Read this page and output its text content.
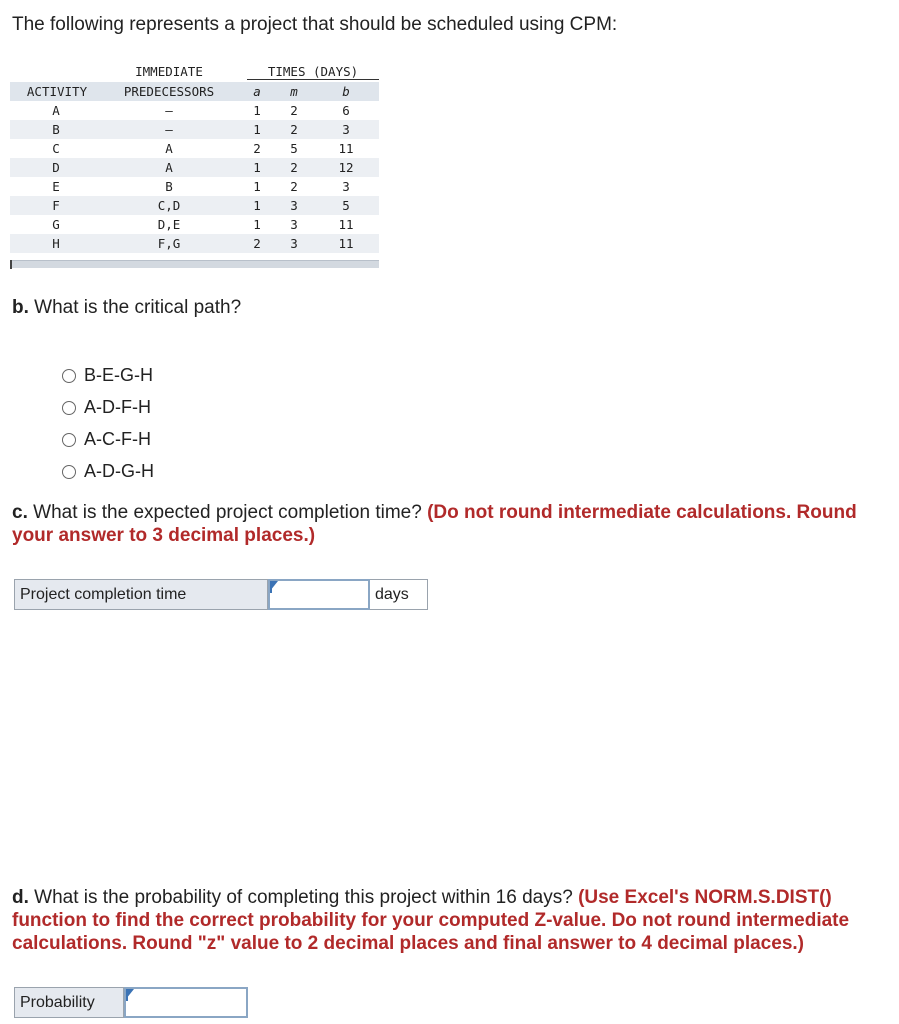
The following represents a project that should be scheduled using CPM:
IMMEDIATE	TIMES (DAYS)
ACTIVITY	PREDECESSORS	a	m	b
A	—	1	2	6
B	—	1	2	3
C	A	2	5	11
D	A	1	2	12
E	B	1	2	3
F	C,D	1	3	5
G	D,E	1	3	11
H	F,G	2	3	11
b. What is the critical path?
B-E-G-H
A-D-F-H
A-C-F-H
A-D-G-H
c. What is the expected project completion time? (Do not round intermediate calculations. Round your answer to 3 decimal places.)
Project completion time	days
d. What is the probability of completing this project within 16 days? (Use Excel's NORM.S.DIST() function to find the correct probability for your computed Z-value. Do not round intermediate calculations. Round "z" value to 2 decimal places and final answer to 4 decimal places.)
Probability
